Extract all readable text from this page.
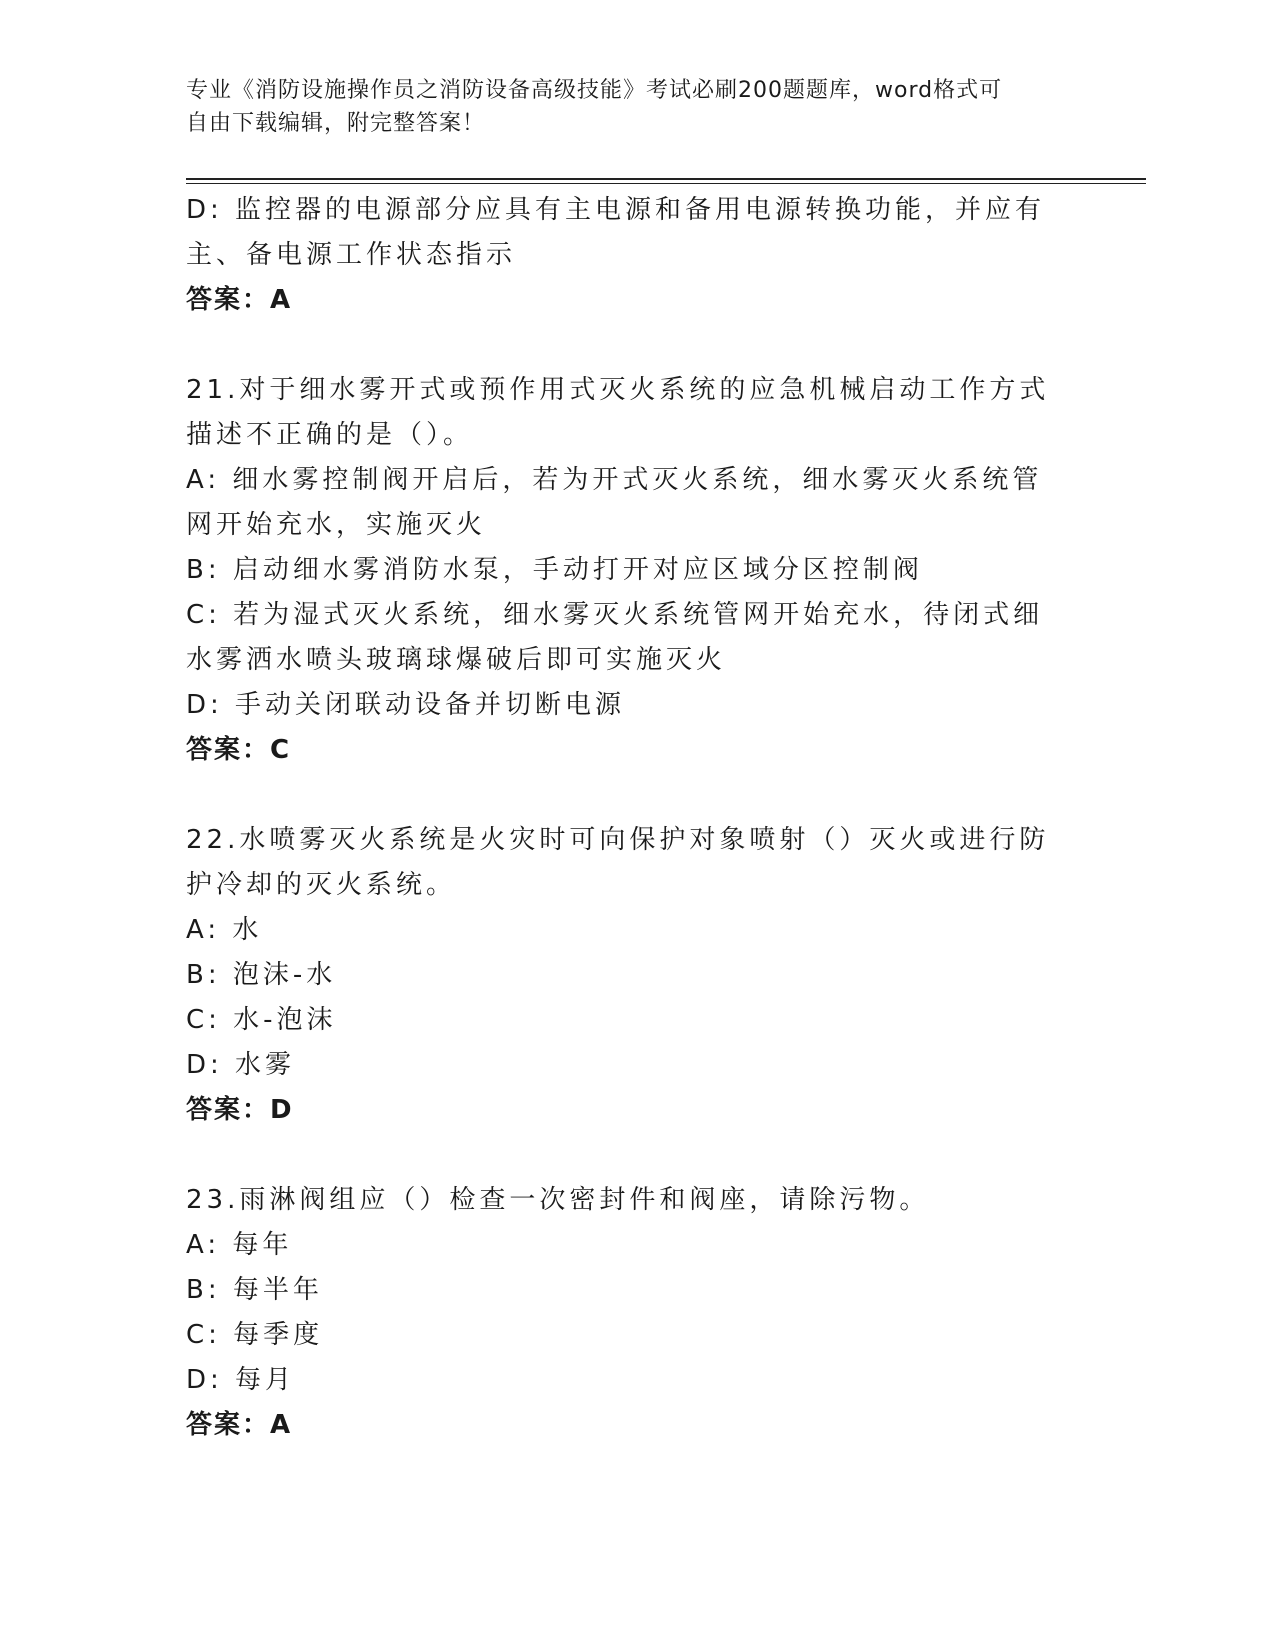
专业《消防设施操作员之消防设备高级技能》考试必刷200题题库，word格式可
自由下载编辑，附完整答案！

D: 监控器的电源部分应具有主电源和备用电源转换功能，并应有主、备电源工作状态指示

答案：A

21.对于细水雾开式或预作用式灭火系统的应急机械启动工作方式描述不正确的是（）。

A: 细水雾控制阀开启后，若为开式灭火系统，细水雾灭火系统管网开始充水，实施灭火

B: 启动细水雾消防水泵，手动打开对应区域分区控制阀

C: 若为湿式灭火系统，细水雾灭火系统管网开始充水，待闭式细水雾洒水喷头玻璃球爆破后即可实施灭火

D: 手动关闭联动设备并切断电源

答案：C

22.水喷雾灭火系统是火灾时可向保护对象喷射（）灭火或进行防护冷却的灭火系统。

A: 水

B: 泡沫-水

C: 水-泡沫

D: 水雾

答案：D

23.雨淋阀组应（）检查一次密封件和阀座，请除污物。

A: 每年

B: 每半年

C: 每季度

D: 每月

答案：A
